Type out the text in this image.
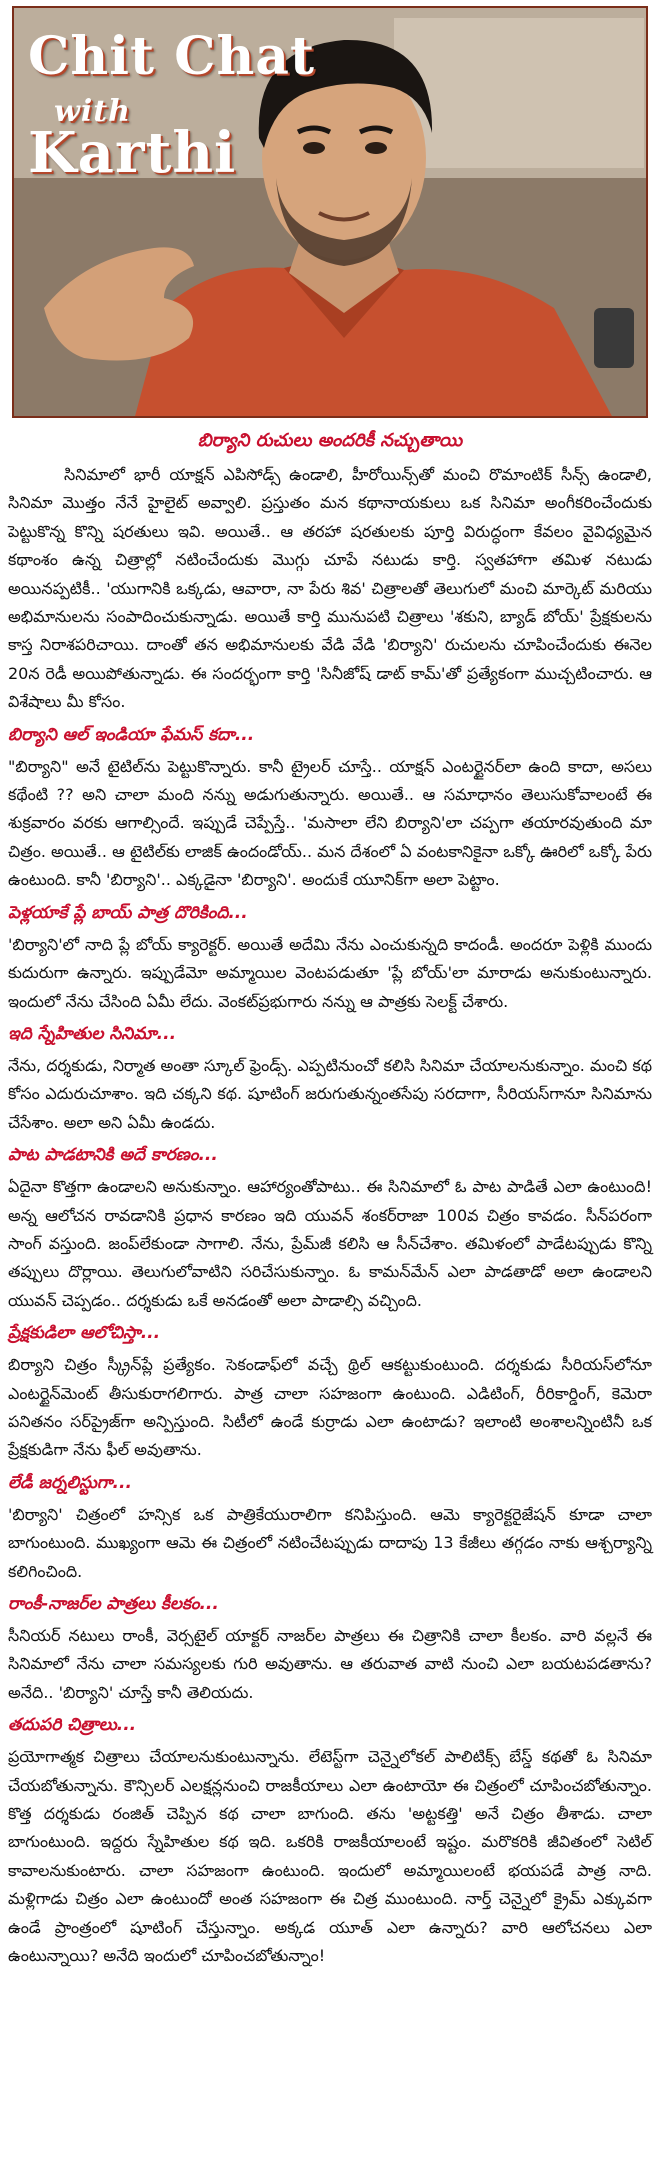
Chit Chat
with
Karthi
బిర్యాని రుచులు అందరికీ నచ్చుతాయి

సినిమాలో భారీ యాక్షన్ ఎపిసోడ్స్ ఉండాలి, హీరోయిన్స్‌తో మంచి రొమాంటిక్ సీన్స్ ఉండాలి, సినిమా మొత్తం నేనే హైలైట్ అవ్వాలి. ప్రస్తుతం మన కథానాయకులు ఒక సినిమా అంగీకరించేందుకు పెట్టుకొన్న కొన్ని షరతులు ఇవి. అయితే.. ఆ తరహా షరతులకు పూర్తి విరుద్ధంగా కేవలం వైవిధ్యమైన కథాంశం ఉన్న చిత్రాల్లో నటించేందుకు మొగ్గు చూపే నటుడు కార్తి. స్వతహాగా తమిళ నటుడు అయినప్పటికీ.. 'యుగానికి ఒక్కడు, ఆవారా, నా పేరు శివ' చిత్రాలతో తెలుగులో మంచి మార్కెట్ మరియు అభిమానులను సంపాదించుకున్నాడు. అయితే కార్తి మునుపటి చిత్రాలు 'శకుని, బ్యాడ్ బోయ్' ప్రేక్షకులను కాస్త నిరాశపరిచాయి. దాంతో తన అభిమానులకు వేడి వేడి 'బిర్యాని' రుచులను చూపించేందుకు ఈనెల 20న రెడీ అయిపోతున్నాడు. ఈ సందర్భంగా కార్తి 'సినీజోష్ డాట్ కామ్'తో ప్రత్యేకంగా ముచ్చటించారు. ఆ విశేషాలు మీ కోసం.

బిర్యాని ఆల్ ఇండియా ఫేమస్ కదా...

"బిర్యాని" అనే టైటిల్‌ను పెట్టుకొన్నారు. కానీ ట్రైలర్ చూస్తే.. యాక్షన్ ఎంటర్టైనర్‌లా ఉంది కాదా, అసలు కథేంటి ?? అని చాలా మంది నన్ను అడుగుతున్నారు. అయితే.. ఆ సమాధానం తెలుసుకోవాలంటే ఈ శుక్రవారం వరకు ఆగాల్సిందే. ఇప్పుడే చెప్పేస్తే.. 'మసాలా లేని బిర్యాని'లా చప్పగా తయారవుతుంది మా చిత్రం. అయితే.. ఆ టైటిల్‌కు లాజిక్ ఉందండోయ్.. మన దేశంలో ఏ వంటకానికైనా ఒక్కో ఊరిలో ఒక్కో పేరు ఉంటుంది. కానీ 'బిర్యాని'.. ఎక్కడైనా 'బిర్యాని'. అందుకే యూనిక్‌గా అలా పెట్టాం.

పెళ్లయాకే ప్లే బాయ్ పాత్ర దొరికింది...

'బిర్యాని'లో నాది ప్లే బోయ్ క్యారెక్టర్. అయితే అదేమి నేను ఎంచుకున్నది కాదండీ. అందరూ పెళ్లికి ముందు కుదురుగా ఉన్నారు. ఇప్పుడేమో అమ్మాయిల వెంటపడుతూ 'ప్లే బోయ్'లా మారాడు అనుకుంటున్నారు. ఇందులో నేను చేసింది ఏమీ లేదు. వెంకట్‌ప్రభుగారు నన్ను ఆ పాత్రకు సెలక్ట్ చేశారు.

ఇది స్నేహితుల సినిమా...

నేను, దర్శకుడు, నిర్మాత అంతా స్కూల్ ఫ్రెండ్స్. ఎప్పటినుంచో కలిసి సినిమా చేయాలనుకున్నాం. మంచి కథ కోసం ఎదురుచూశాం. ఇది చక్కని కథ. షూటింగ్ జరుగుతున్నంతసేపు సరదాగా, సీరియస్‌గానూ సినిమాను చేసేశాం. అలా అని ఏమీ ఉండదు.

పాట పాడటానికి అదే కారణం...

ఏదైనా కొత్తగా ఉండాలని అనుకున్నాం. ఆహార్యంతోపాటు.. ఈ సినిమాలో ఓ పాట పాడితే ఎలా ఉంటుంది! అన్న ఆలోచన రావడానికి ప్రధాన కారణం ఇది యువన్ శంకర్‌రాజా 100వ చిత్రం కావడం. సీన్‌పరంగా సాంగ్ వస్తుంది. జంప్‌లేకుండా సాగాలి. నేను, ప్రేమ్‌జీ కలిసి ఆ సీన్‌చేశాం. తమిళంలో పాడేటప్పుడు కొన్ని తప్పులు దొర్లాయి. తెలుగులోవాటిని సరిచేసుకున్నాం. ఓ కామన్‌మేన్ ఎలా పాడతాడో అలా ఉండాలని యువన్ చెప్పడం.. దర్శకుడు ఒకే అనడంతో అలా పాడాల్సి వచ్చింది.

ప్రేక్షకుడిలా ఆలోచిస్తా...

బిర్యాని చిత్రం స్క్రీన్‌ప్లే ప్రత్యేకం. సెకండాఫ్‌లో వచ్చే థ్రిల్ ఆకట్టుకుంటుంది. దర్శకుడు సీరియస్‌లోనూ ఎంటర్టైన్‌మెంట్ తీసుకురాగలిగారు. పాత్ర చాలా సహజంగా ఉంటుంది. ఎడిటింగ్, రీరికార్డింగ్, కెమెరా పనితనం సర్‌ప్రైజ్‌గా అన్పిస్తుంది. సిటీలో ఉండే కుర్రాడు ఎలా ఉంటాడు? ఇలాంటి అంశాలన్నింటినీ ఒక ప్రేక్షకుడిగా నేను ఫీల్ అవుతాను.

లేడీ జర్నలిస్టుగా...

'బిర్యాని' చిత్రంలో హన్సిక ఒక పాత్రికేయురాలిగా కనిపిస్తుంది. ఆమె క్యారెక్టరైజేషన్ కూడా చాలా బాగుంటుంది. ముఖ్యంగా ఆమె ఈ చిత్రంలో నటించేటప్పుడు దాదాపు 13 కేజీలు తగ్గడం నాకు ఆశ్చర్యాన్ని కలిగించింది.

రాంకీ-నాజర్‌ల పాత్రలు కీలకం...

సీనియర్ నటులు రాంకీ, వెర్సటైల్ యాక్టర్ నాజర్‌ల పాత్రలు ఈ చిత్రానికి చాలా కీలకం. వారి వల్లనే ఈ సినిమాలో నేను చాలా సమస్యలకు గురి అవుతాను. ఆ తరువాత వాటి నుంచి ఎలా బయటపడతాను? అనేది.. 'బిర్యాని' చూస్తే కానీ తెలియదు.

తదుపరి చిత్రాలు...

ప్రయోగాత్మక చిత్రాలు చేయాలనుకుంటున్నాను. లేటెస్ట్‌గా చెన్నైలోకల్ పాలిటిక్స్ బేస్డ్ కథతో ఓ సినిమా చేయబోతున్నాను. కౌన్సిలర్ ఎలక్షన్లనుంచి రాజకీయాలు ఎలా ఉంటాయో ఈ చిత్రంలో చూపించబోతున్నాం. కొత్త దర్శకుడు రంజిత్ చెప్పిన కథ చాలా బాగుంది. తను 'అట్టకత్తి' అనే చిత్రం తీశాడు. చాలా బాగుంటుంది. ఇద్దరు స్నేహితుల కథ ఇది. ఒకరికి రాజకీయాలంటే ఇష్టం. మరొకరికి జీవితంలో సెటిల్ కావాలనుకుంటారు. చాలా సహజంగా ఉంటుంది. ఇందులో అమ్మాయిలంటే భయపడే పాత్ర నాది. మళ్లిగాడు చిత్రం ఎలా ఉంటుందో అంత సహజంగా ఈ చిత్ర ముంటుంది. నార్త్ చెన్నైలో క్రైమ్ ఎక్కువగా ఉండే ప్రాంత్రంలో షూటింగ్ చేస్తున్నాం. అక్కడ యూత్ ఎలా ఉన్నారు? వారి ఆలోచనలు ఎలా ఉంటున్నాయి? అనేది ఇందులో చూపించబోతున్నాం!
